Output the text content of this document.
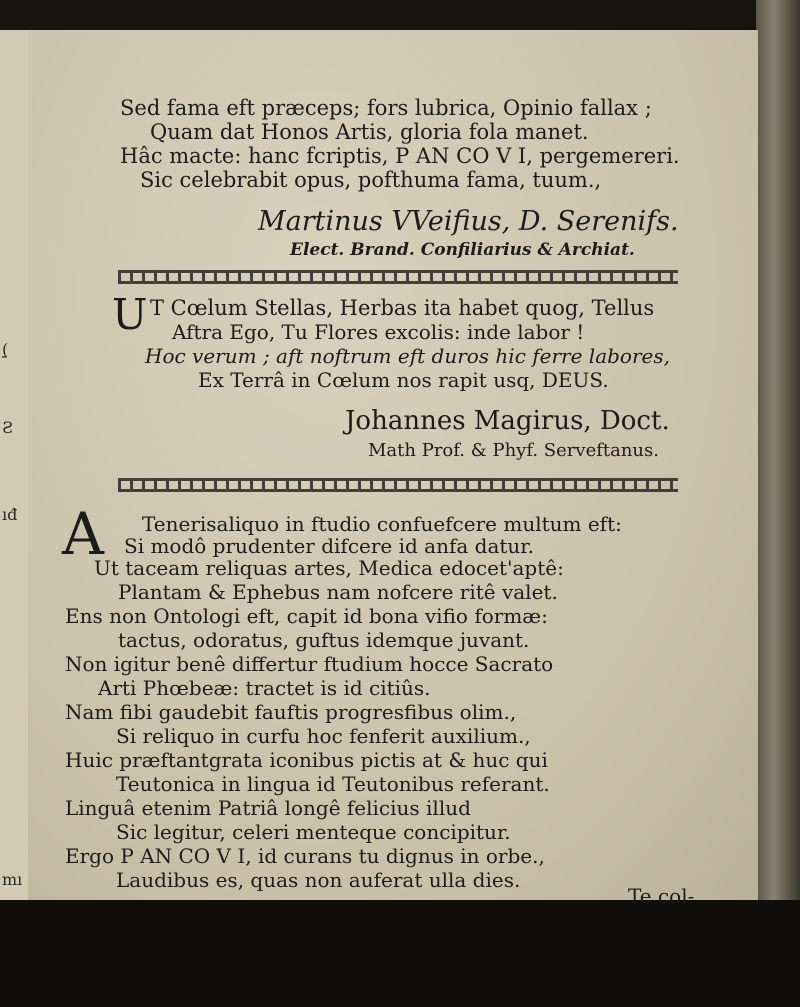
(̱
Ƨ
ıđ
mı
Sed fama eft præceps; fors lubrica, Opinio fallax ;
Quam dat Honos Artis, gloria fola manet.
Hâc macte: hanc fcriptis, P AN CO V I, pergemereri.
Sic celebrabit opus, pofthuma fama, tuum.,
Martinus VVeifius, D. Serenifs.
Elect. Brand. Confiliarius & Archiat.
U T Cœlum Stellas, Herbas ita habet quog, Tellus
Aftra Ego, Tu Flores excolis: inde labor !
Hoc verum ; aft noftrum eft duros hic ferre labores,
Ex Terrâ in Cœlum nos rapit usq, DEUS.
Johannes Magirus, Doct.
Math Prof. & Phyf. Serveftanus.
A Tenerisaliquo in ftudio confuefcere multum eft:
Si modô prudenter difcere id anfa datur.
Ut taceam reliquas artes, Medica edocet'aptê:
Plantam & Ephebus nam nofcere ritê valet.
Ens non Ontologi eft, capit id bona vifio formæ:
tactus, odoratus, guftus idemque juvant.
Non igitur benê differtur ftudium hocce Sacrato
Arti Phœbeæ: tractet is id citiûs.
Nam fibi gaudebit fauftis progresfibus olim.,
Si reliquo in curfu hoc fenferit auxilium.,
Huic præftantgrata iconibus pictis at & huc qui
Teutonica in lingua id Teutonibus referant.
Linguâ etenim Patriâ longê felicius illud
Sic legitur, celeri menteque concipitur.
Ergo P AN CO V I, id curans tu dignus in orbe.,
Laudibus es, quas non auferat ulla dies.
Te col-
